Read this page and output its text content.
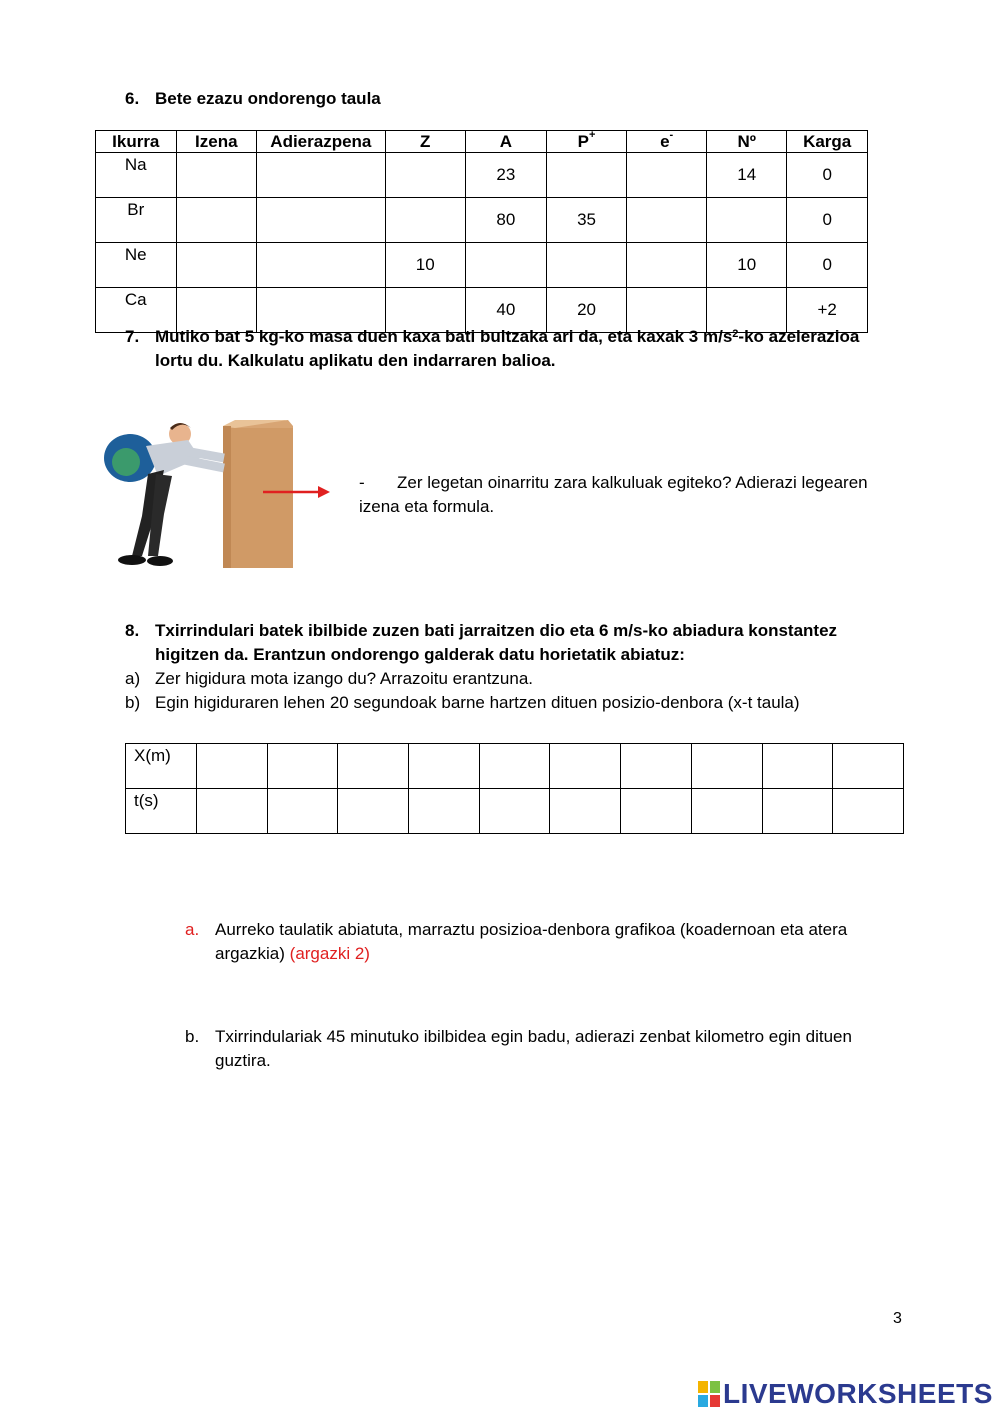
6. Bete ezazu ondorengo taula
Ikurra	Izena	Adierazpena	Z	A	P+	e-	Nº	Karga
Na				23			14	0
Br				80	35			0
Ne			10				10	0
Ca				40	20			+2
7. Mutiko bat 5 kg-ko masa duen kaxa bati bultzaka ari da, eta kaxak 3 $m/s^2-ko$ azelerazioa
lortu du. Kalkulatu aplikatu den indarraren balioa.
- Zer legetan oinarritu zara kalkuluak egiteko? Adierazi legearen
izena eta formula.
8. Txirrindulari batek ibilbide zuzen bati jarraitzen dio eta 6 m/s-ko abiadura konstantez
higitzen da. Erantzun ondorengo galderak datu horietatik abiatuz:
a) Zer higidura mota izango du? Arrazoitu erantzuna.
b) Egin higiduraren lehen 20 segundoak barne hartzen dituen posizio-denbora (x-t taula)
X(m)										
t(s)										
a. Aurreko taulatik abiatuta, marraztu posizioa-denbora grafikoa (koadernoan eta atera
argazkia) (argazki 2)
b. Txirrindulariak 45 minutuko ibilbidea egin badu, adierazi zenbat kilometro egin dituen
guztira.
3
LIVEWORKSHEETS
